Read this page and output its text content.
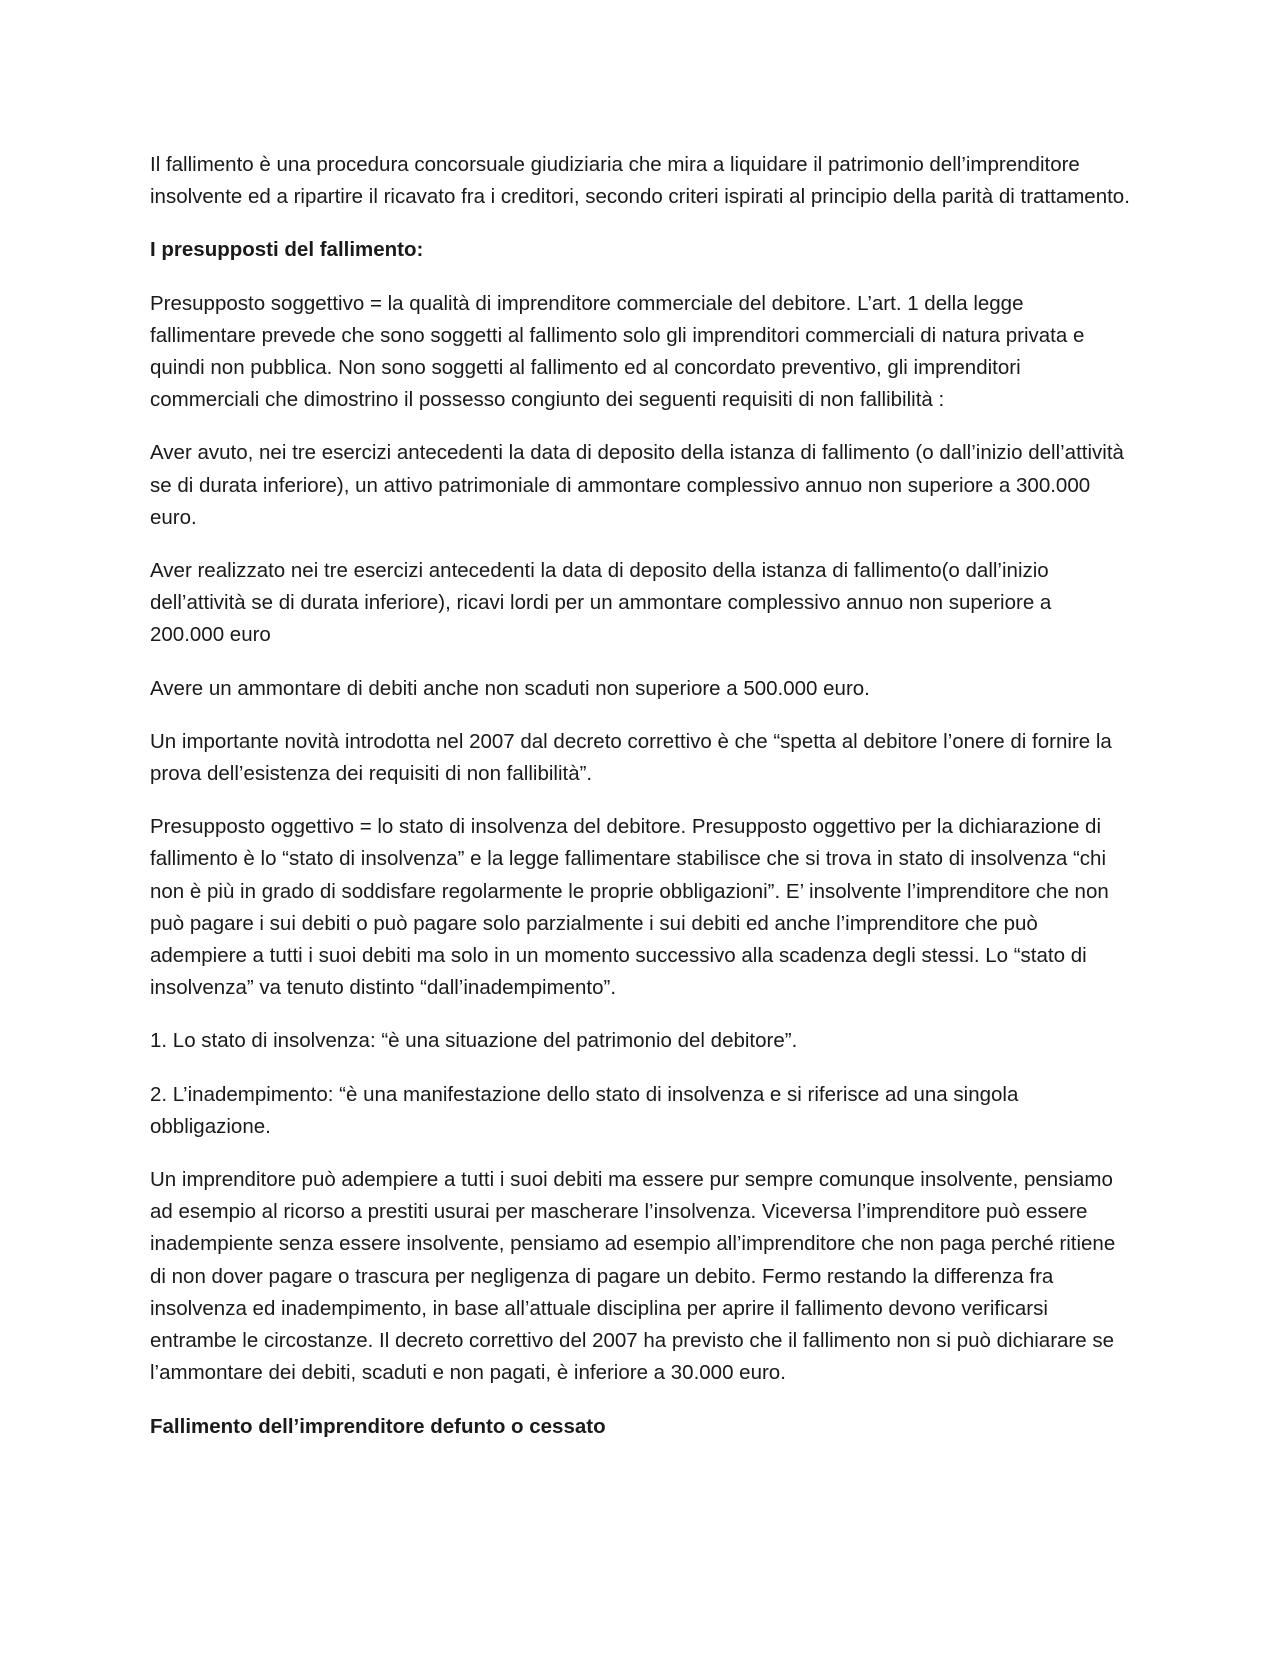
Il fallimento è una procedura concorsuale giudiziaria che mira a liquidare il patrimonio dell’imprenditore insolvente ed a ripartire il ricavato fra i creditori, secondo criteri ispirati al principio della parità di trattamento.

I presupposti del fallimento:

Presupposto soggettivo = la qualità di imprenditore commerciale del debitore. L’art. 1 della legge fallimentare prevede che sono soggetti al fallimento solo gli imprenditori commerciali di natura privata e quindi non pubblica. Non sono soggetti al fallimento ed al concordato preventivo, gli imprenditori commerciali che dimostrino il possesso congiunto dei seguenti requisiti di non fallibilità :

Aver avuto, nei tre esercizi antecedenti la data di deposito della istanza di fallimento (o dall’inizio dell’attività se di durata inferiore), un attivo patrimoniale di ammontare complessivo annuo non superiore a 300.000 euro.

Aver realizzato nei tre esercizi antecedenti la data di deposito della istanza di fallimento(o dall’inizio dell’attività se di durata inferiore), ricavi lordi per un ammontare complessivo annuo non superiore a 200.000 euro

Avere un ammontare di debiti anche non scaduti non superiore a 500.000 euro.

Un importante novità introdotta nel 2007 dal decreto correttivo è che “spetta al debitore l’onere di fornire la prova dell’esistenza dei requisiti di non fallibilità”.

Presupposto oggettivo = lo stato di insolvenza del debitore. Presupposto oggettivo per la dichiarazione di fallimento è lo “stato di insolvenza” e la legge fallimentare stabilisce che si trova in stato di insolvenza “chi non è più in grado di soddisfare regolarmente le proprie obbligazioni”. E’ insolvente l’imprenditore che non può pagare i sui debiti o può pagare solo parzialmente i sui debiti ed anche l’imprenditore che può adempiere a tutti i suoi debiti ma solo in un momento successivo alla scadenza degli stessi. Lo “stato di insolvenza” va tenuto distinto “dall’inadempimento”.

1. Lo stato di insolvenza: “è una situazione del patrimonio del debitore”.

2. L’inadempimento: “è una manifestazione dello stato di insolvenza e si riferisce ad una singola obbligazione.

Un imprenditore può adempiere a tutti i suoi debiti ma essere pur sempre comunque insolvente, pensiamo ad esempio al ricorso a prestiti usurai per mascherare l’insolvenza. Viceversa l’imprenditore può essere inadempiente senza essere insolvente, pensiamo ad esempio all’imprenditore che non paga perché ritiene di non dover pagare o trascura per negligenza di pagare un debito. Fermo restando la differenza fra insolvenza ed inadempimento, in base all’attuale disciplina per aprire il fallimento devono verificarsi entrambe le circostanze. Il decreto correttivo del 2007 ha previsto che il fallimento non si può dichiarare se l’ammontare dei debiti, scaduti e non pagati, è inferiore a 30.000 euro.

Fallimento dell’imprenditore defunto o cessato
